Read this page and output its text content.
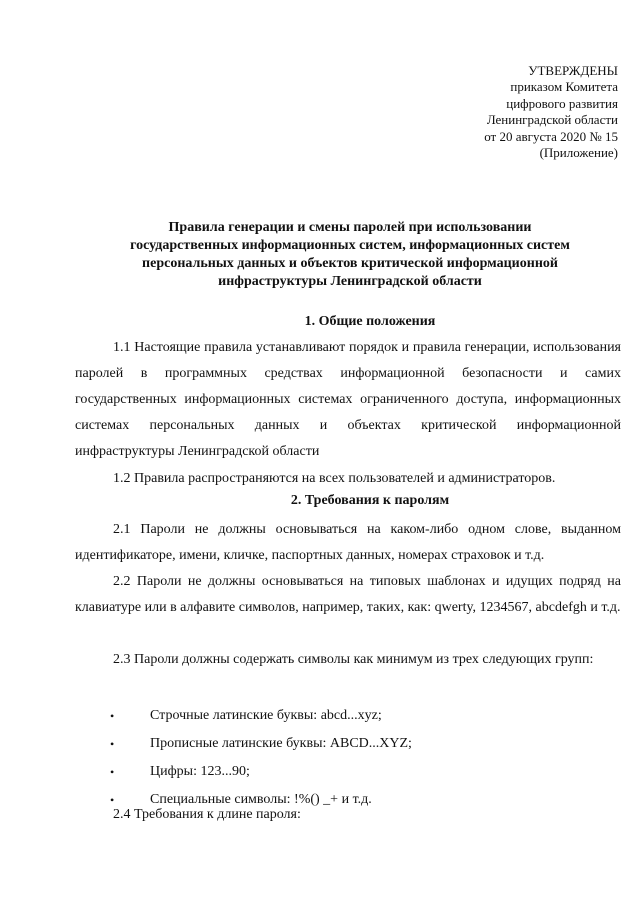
УТВЕРЖДЕНЫ
приказом Комитета
цифрового развития
Ленинградской области
от 20 августа 2020 № 15
(Приложение)
Правила генерации и смены паролей при использовании
государственных информационных систем, информационных систем
персональных данных и объектов критической информационной
инфраструктуры Ленинградской области
1. Общие положения

1.1 Настоящие правила устанавливают порядок и правила генерации, использования паролей в программных средствах информационной безопасности и самих государственных информационных системах ограниченного доступа, информационных системах персональных данных и объектах критической информационной инфраструктуры Ленинградской области

1.2 Правила распространяются на всех пользователей и администраторов.

2. Требования к паролям

2.1 Пароли не должны основываться на каком-либо одном слове, выданном идентификаторе, имени, кличке, паспортных данных, номерах страховок и т.д.

2.2 Пароли не должны основываться на типовых шаблонах и идущих подряд на клавиатуре или в алфавите символов, например, таких, как: qwerty, 1234567, abcdefgh и т.д.

2.3 Пароли должны содержать символы как минимум из трех следующих групп:

•	Строчные латинские буквы: abcd...xyz;
•	Прописные латинские буквы: ABCD...XYZ;
•	Цифры: 123...90;
•	Специальные символы: !%() _+ и т.д.
2.4 Требования к длине пароля:
